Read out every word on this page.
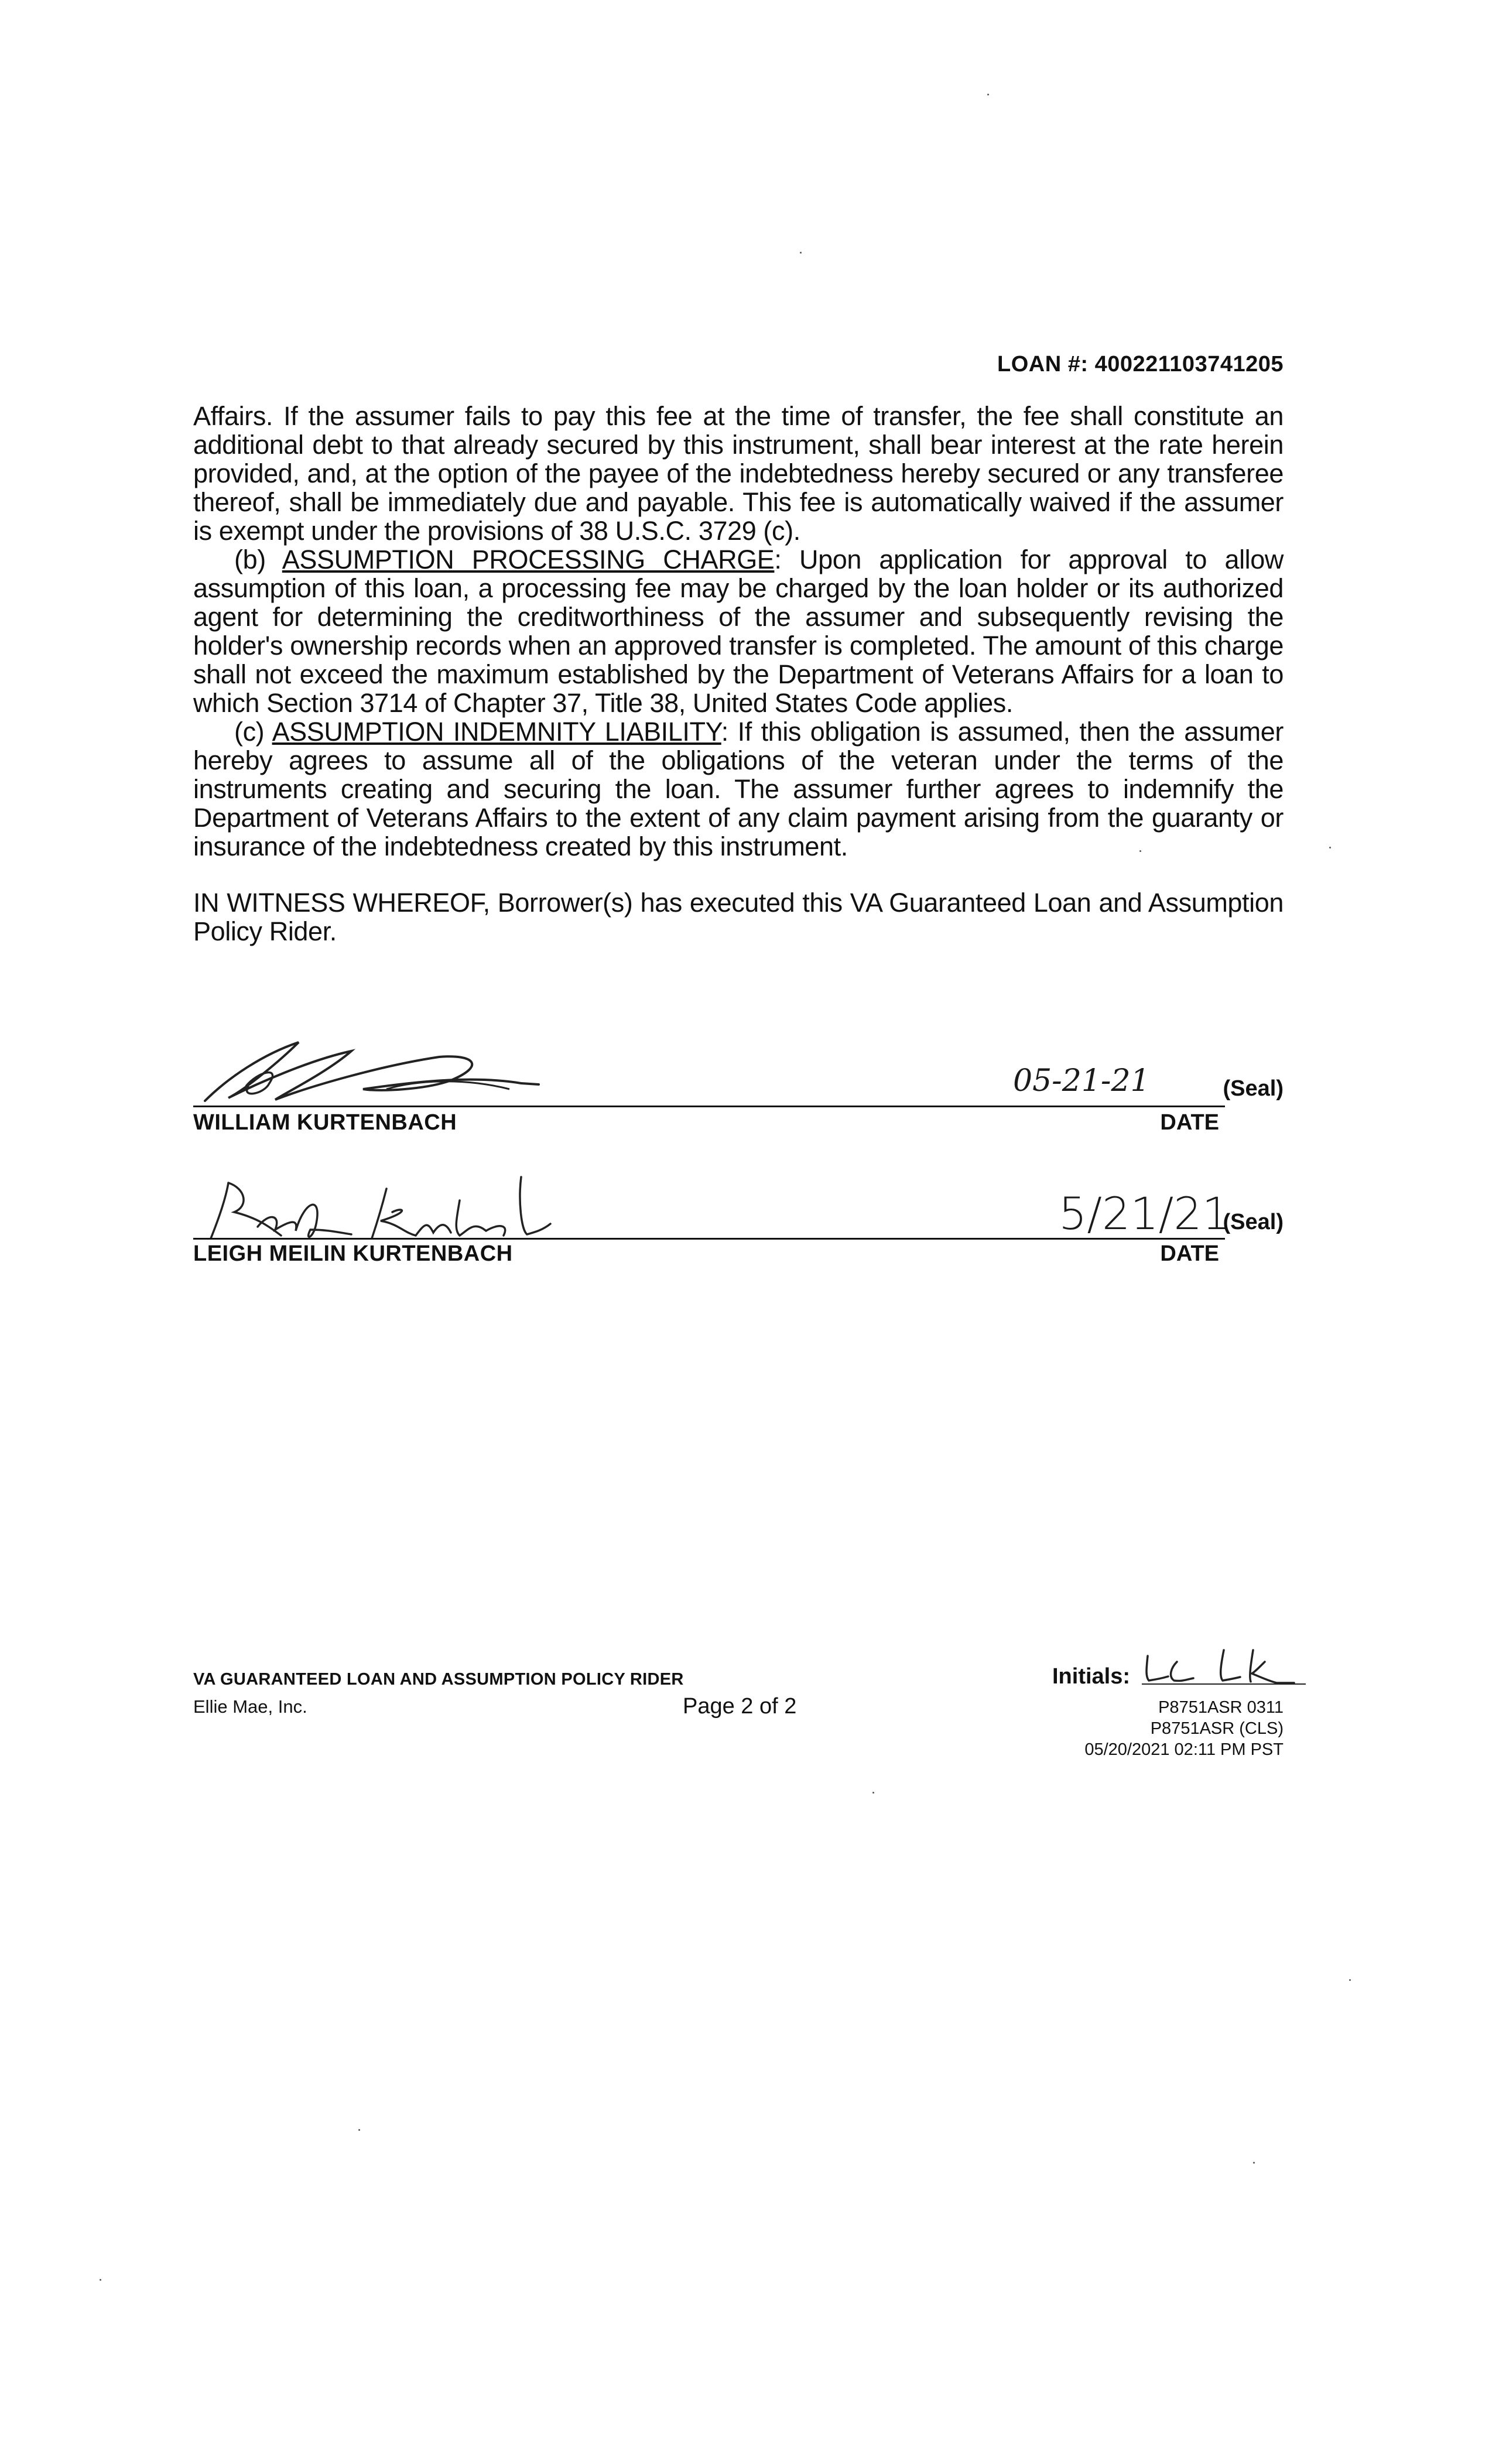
LOAN #: 400221103741205

Affairs. If the assumer fails to pay this fee at the time of transfer, the fee shall constitute an additional debt to that already secured by this instrument, shall bear interest at the rate herein provided, and, at the option of the payee of the indebtedness hereby secured or any transferee thereof, shall be immediately due and payable. This fee is automatically waived if the assumer is exempt under the provisions of 38 U.S.C. 3729 (c).

(b) ASSUMPTION PROCESSING CHARGE: Upon application for approval to allow assumption of this loan, a processing fee may be charged by the loan holder or its authorized agent for determining the creditworthiness of the assumer and subsequently revising the holder's ownership records when an approved transfer is completed. The amount of this charge shall not exceed the maximum established by the Department of Veterans Affairs for a loan to which Section 3714 of Chapter 37, Title 38, United States Code applies.

(c) ASSUMPTION INDEMNITY LIABILITY: If this obligation is assumed, then the assumer hereby agrees to assume all of the obligations of the veteran under the terms of the instruments creating and securing the loan. The assumer further agrees to indemnify the Department of Veterans Affairs to the extent of any claim payment arising from the guaranty or insurance of the indebtedness created by this instrument.

IN WITNESS WHEREOF, Borrower(s) has executed this VA Guaranteed Loan and Assumption Policy Rider.

05-21-21	(Seal)
WILLIAM KURTENBACH	DATE
5/21/21
(Seal)
LEIGH MEILIN KURTENBACH	DATE
VA GUARANTEED LOAN AND ASSUMPTION POLICY RIDER
Ellie Mae, Inc.	Page 2 of 2
Initials:
P8751ASR 0311
P8751ASR (CLS)
05/20/2021 02:11 PM PST
